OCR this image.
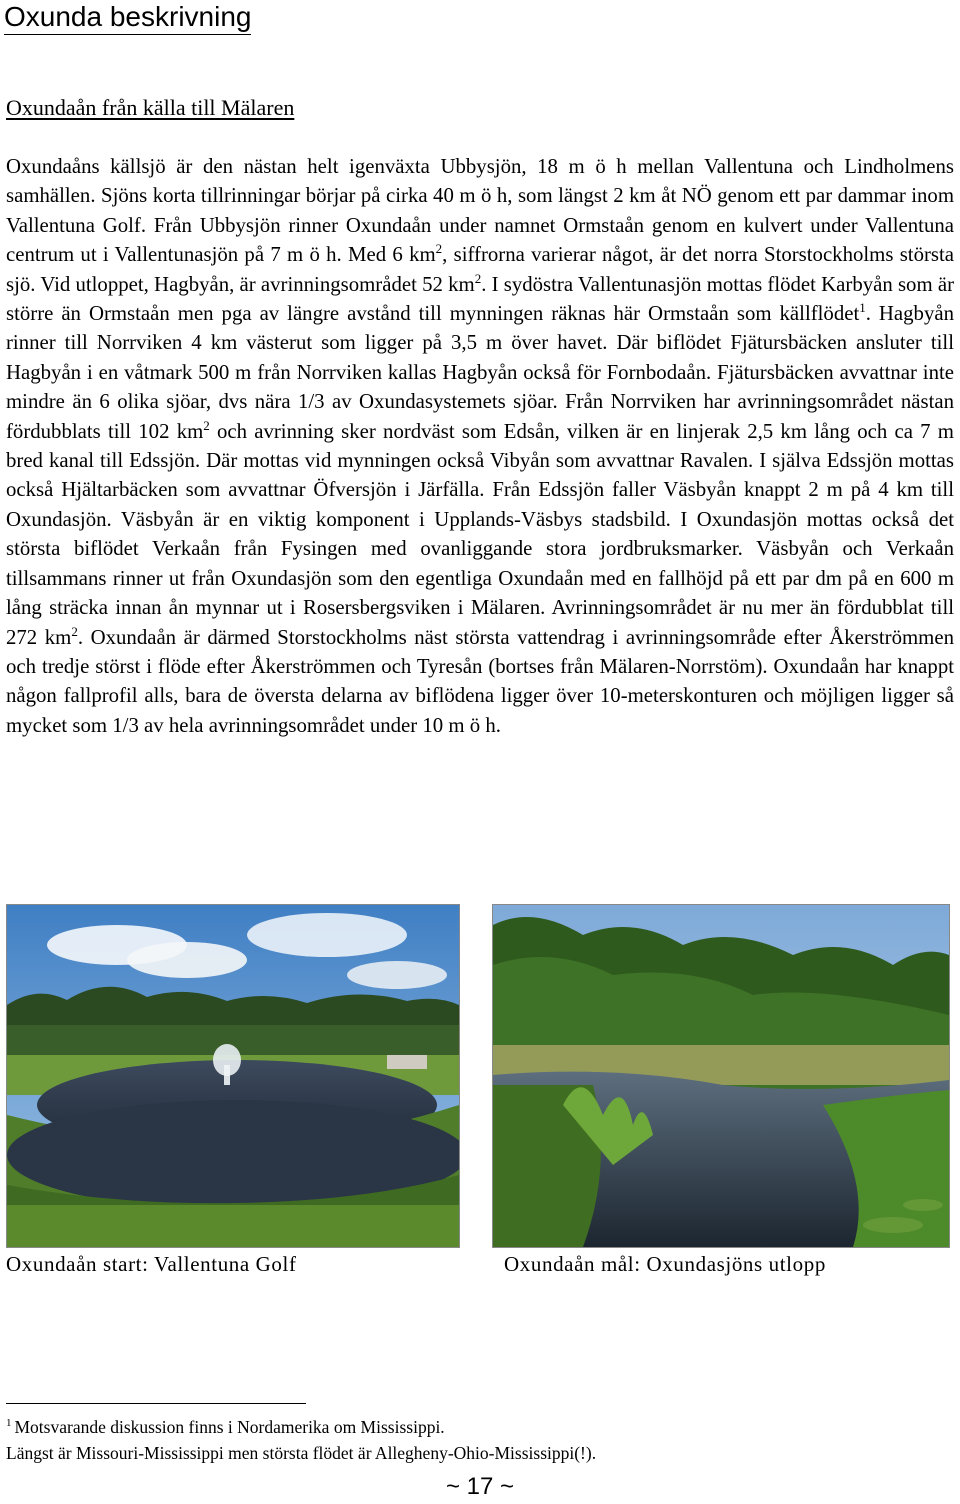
Oxunda beskrivning
Oxundaån från källa till Mälaren

Oxundaåns källsjö är den nästan helt igenväxta Ubbysjön, 18 m ö h mellan Vallentuna och Lindholmens samhällen. Sjöns korta tillrinningar börjar på cirka 40 m ö h, som längst 2 km åt NÖ genom ett par dammar inom Vallentuna Golf. Från Ubbysjön rinner Oxundaån under namnet Ormstaån genom en kulvert under Vallentuna centrum ut i Vallentunasjön på 7 m ö h. Med 6 $km^2$, siffrorna varierar något, är det norra Storstockholms största sjö. Vid utloppet, Hagbyån, är avrinningsområdet 52 $km^2$. I sydöstra Vallentunasjön mottas flödet Karbyån som är större än Ormstaån men pga av längre avstånd till mynningen räknas här Ormstaån som källflödet$^1$. Hagbyån rinner till Norrviken 4 km västerut som ligger på 3,5 m över havet. Där biflödet Fjätursbäcken ansluter till Hagbyån i en våtmark 500 m från Norrviken kallas Hagbyån också för Fornbodaån. Fjätursbäcken avvattnar inte mindre än 6 olika sjöar, dvs nära 1/3 av Oxundasystemets sjöar. Från Norrviken har avrinningsområdet nästan fördubblats till 102 $km^2$ och avrinning sker nordväst som Edsån, vilken är en linjerak 2,5 km lång och ca 7 m bred kanal till Edssjön. Där mottas vid mynningen också Vibyån som avvattnar Ravalen. I själva Edssjön mottas också Hjältarbäcken som avvattnar Öfversjön i Järfälla. Från Edssjön faller Väsbyån knappt 2 m på 4 km till Oxundasjön. Väsbyån är en viktig komponent i Upplands-Väsbys stadsbild. I Oxundasjön mottas också det största biflödet Verkaån från Fysingen med ovanliggande stora jordbruksmarker. Väsbyån och Verkaån tillsammans rinner ut från Oxundasjön som den egentliga Oxundaån med en fallhöjd på ett par dm på en 600 m lång sträcka innan ån mynnar ut i Rosersbergsviken i Mälaren. Avrinningsområdet är nu mer än fördubblat till 272 $km^2$. Oxundaån är därmed Storstockholms näst största vattendrag i avrinningsområde efter Åkerströmmen och tredje störst i flöde efter Åkerströmmen och Tyresån (bortses från Mälaren-Norrstöm). Oxundaån har knappt någon fallprofil alls, bara de översta delarna av biflödena ligger över 10-meterskonturen och möjligen ligger så mycket som 1/3 av hela avrinningsområdet under 10 m ö h.

Oxundaån start: Vallentuna Golf	Oxundaån mål: Oxundasjöns utlopp

$^1$ Motsvarande diskussion finns i Nordamerika om Mississippi.

Längst är Missouri-Mississippi men största flödet är Allegheny-Ohio-Mississippi(!).

~ 17 ~
